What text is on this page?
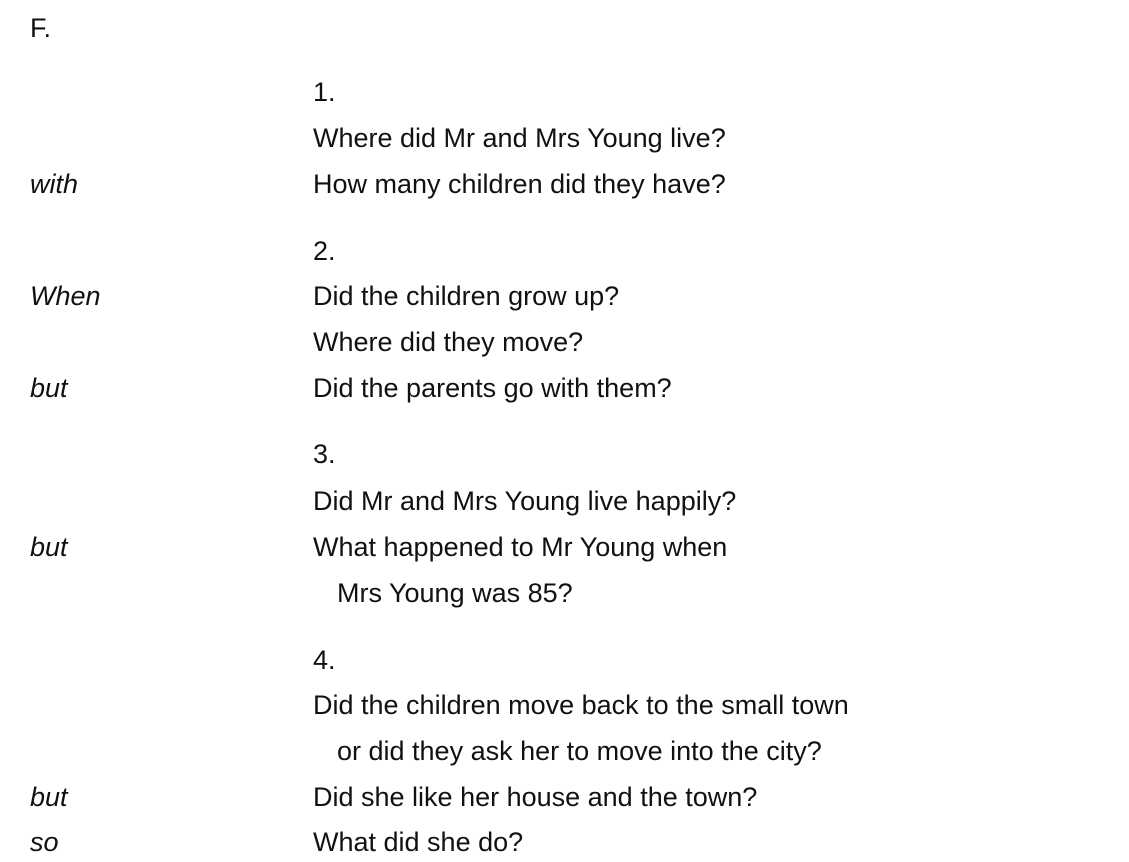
F.
1.
Where did Mr and Mrs Young live?
with	How many children did they have?
2.
When	Did the children grow up?
Where did they move?
but	Did the parents go with them?
3.
Did Mr and Mrs Young live happily?
but	What happened to Mr Young when
Mrs Young was 85?
4.
Did the children move back to the small town
or did they ask her to move into the city?
but	Did she like her house and the town?
so	What did she do?
